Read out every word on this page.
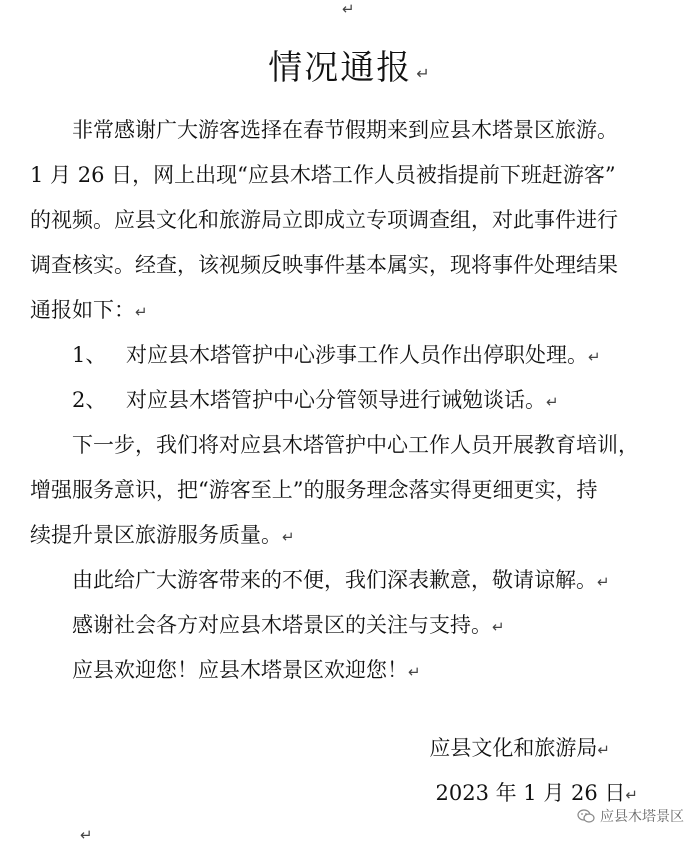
↵
情况通报 ↵
非常感谢广大游客选择在春节假期来到应县木塔景区旅游。
1 月 26 日，网上出现“应县木塔工作人员被指提前下班赶游客”
的视频。应县文化和旅游局立即成立专项调查组，对此事件进行
调查核实。经查，该视频反映事件基本属实，现将事件处理结果
通报如下：↵
1、 对应县木塔管护中心涉事工作人员作出停职处理。↵
2、 对应县木塔管护中心分管领导进行诫勉谈话。↵
下一步，我们将对应县木塔管护中心工作人员开展教育培训，
增强服务意识，把“游客至上”的服务理念落实得更细更实，持
续提升景区旅游服务质量。↵
由此给广大游客带来的不便，我们深表歉意，敬请谅解。↵
感谢社会各方对应县木塔景区的关注与支持。↵
应县欢迎您！应县木塔景区欢迎您！↵
应县文化和旅游局↵
2023 年 1 月 26 日↵
↵
应县木塔景区
